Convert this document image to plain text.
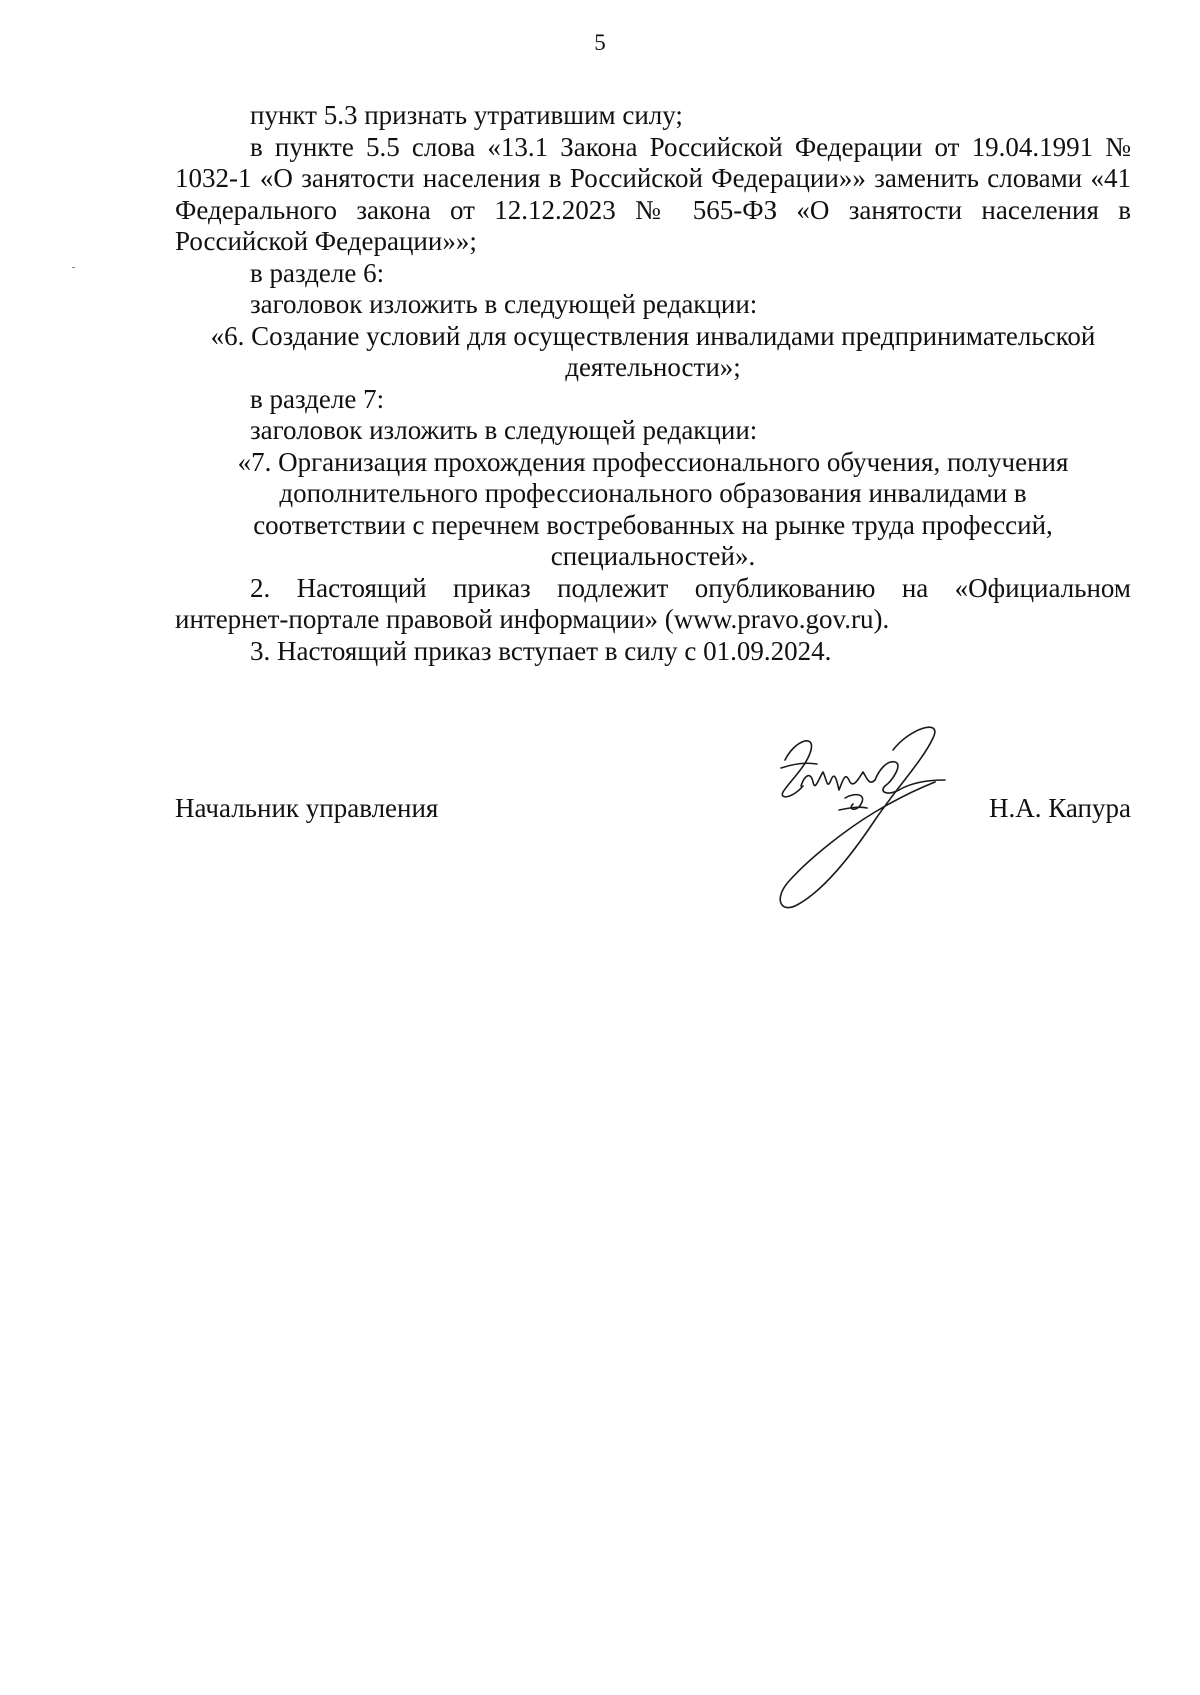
5

пункт 5.3 признать утратившим силу;

в пункте 5.5 слова «13.1 Закона Российской Федерации от 19.04.1991 № 1032-1 «О занятости населения в Российской Федерации»» заменить словами «41 Федерального закона от 12.12.2023 № 565-ФЗ «О занятости населения в Российской Федерации»»;

в разделе 6:

заголовок изложить в следующей редакции:

«6. Создание условий для осуществления инвалидами предпринимательской

деятельности»;

в разделе 7:

заголовок изложить в следующей редакции:

«7. Организация прохождения профессионального обучения, получения

дополнительного профессионального образования инвалидами в

соответствии с перечнем востребованных на рынке труда профессий,

специальностей».

2. Настоящий приказ подлежит опубликованию на «Официальном интернет-портале правовой информации» (www.pravo.gov.ru).

3. Настоящий приказ вступает в силу с 01.09.2024.

Начальник управления	Н.А. Капура
